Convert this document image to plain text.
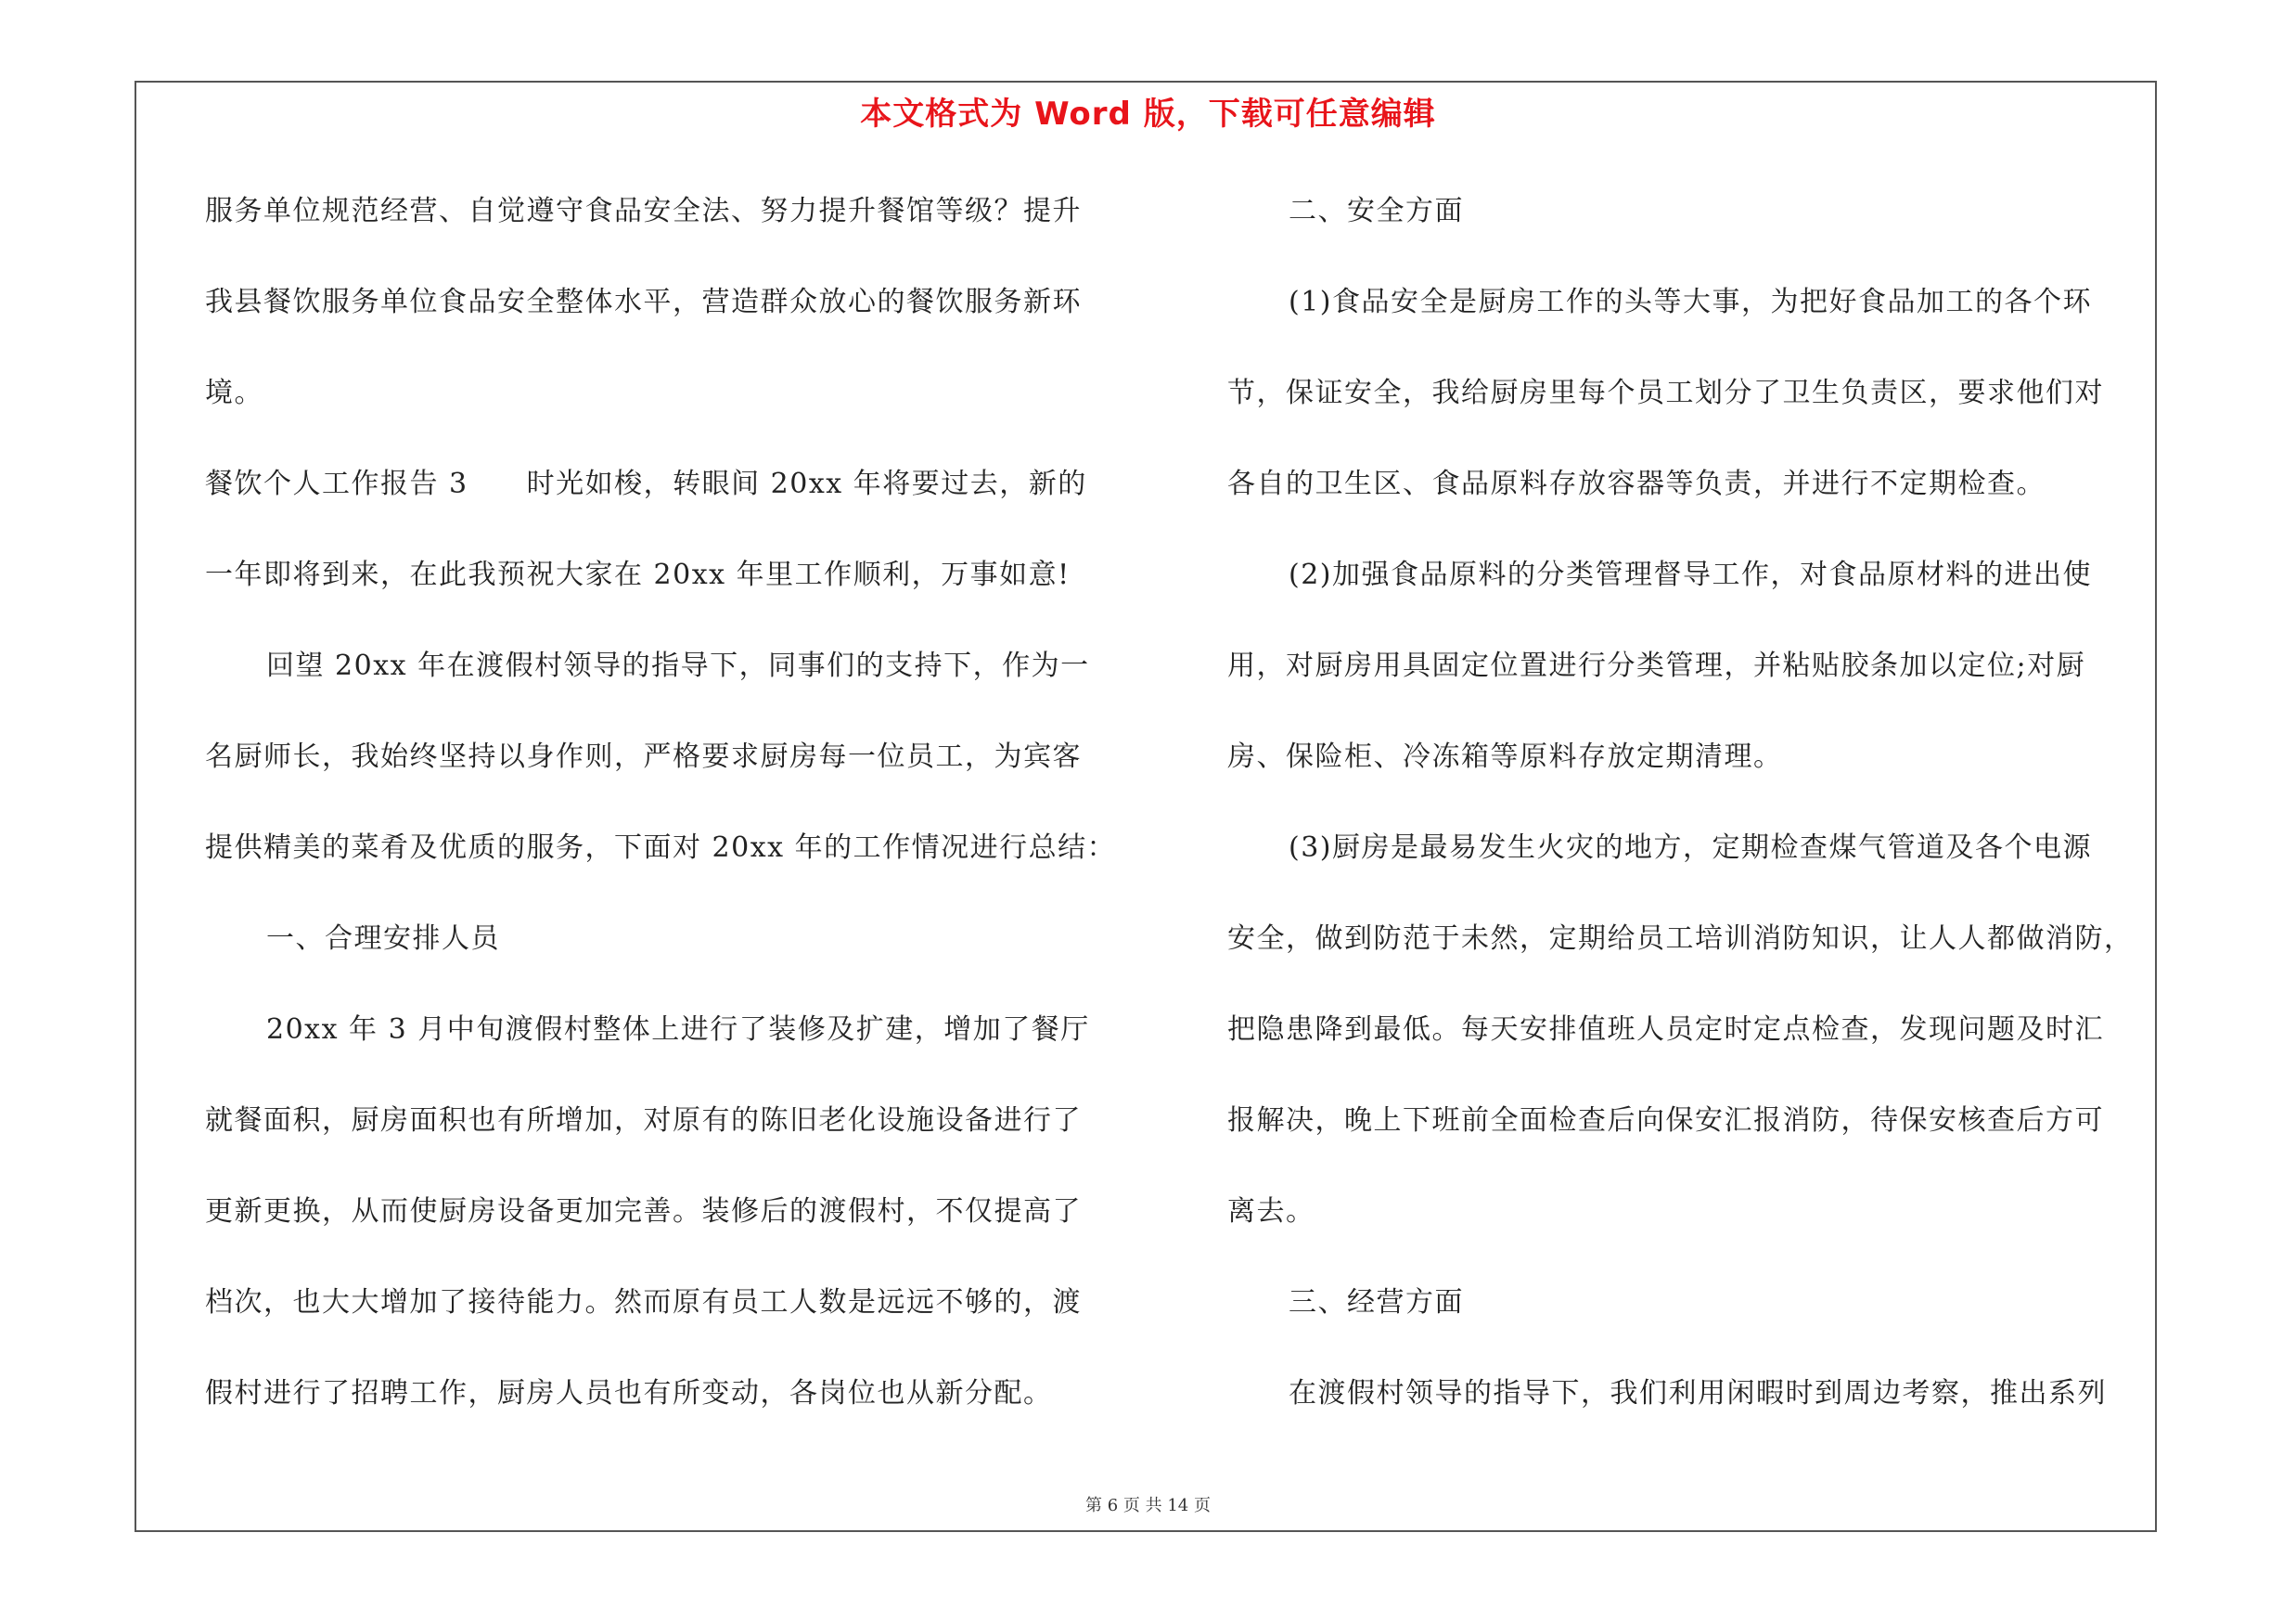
本文格式为 Word 版，下载可任意编辑
服务单位规范经营、自觉遵守食品安全法、努力提升餐馆等级？提升
我县餐饮服务单位食品安全整体水平，营造群众放心的餐饮服务新环
境。
餐饮个人工作报告 3　　时光如梭，转眼间 20xx 年将要过去，新的
一年即将到来，在此我预祝大家在 20xx 年里工作顺利，万事如意!
回望 20xx 年在渡假村领导的指导下，同事们的支持下，作为一
名厨师长，我始终坚持以身作则，严格要求厨房每一位员工，为宾客
提供精美的菜肴及优质的服务，下面对 20xx 年的工作情况进行总结：
一、合理安排人员
20xx 年 3 月中旬渡假村整体上进行了装修及扩建，增加了餐厅
就餐面积，厨房面积也有所增加，对原有的陈旧老化设施设备进行了
更新更换，从而使厨房设备更加完善。装修后的渡假村，不仅提高了
档次，也大大增加了接待能力。然而原有员工人数是远远不够的，渡
假村进行了招聘工作，厨房人员也有所变动，各岗位也从新分配。
二、安全方面
(1)食品安全是厨房工作的头等大事，为把好食品加工的各个环
节，保证安全，我给厨房里每个员工划分了卫生负责区，要求他们对
各自的卫生区、食品原料存放容器等负责，并进行不定期检查。
(2)加强食品原料的分类管理督导工作，对食品原材料的进出使
用，对厨房用具固定位置进行分类管理，并粘贴胶条加以定位;对厨
房、保险柜、冷冻箱等原料存放定期清理。
(3)厨房是最易发生火灾的地方，定期检查煤气管道及各个电源
安全，做到防范于未然，定期给员工培训消防知识，让人人都做消防，
把隐患降到最低。每天安排值班人员定时定点检查，发现问题及时汇
报解决，晚上下班前全面检查后向保安汇报消防，待保安核查后方可
离去。
三、经营方面
在渡假村领导的指导下，我们利用闲暇时到周边考察，推出系列
第 6 页 共 14 页
